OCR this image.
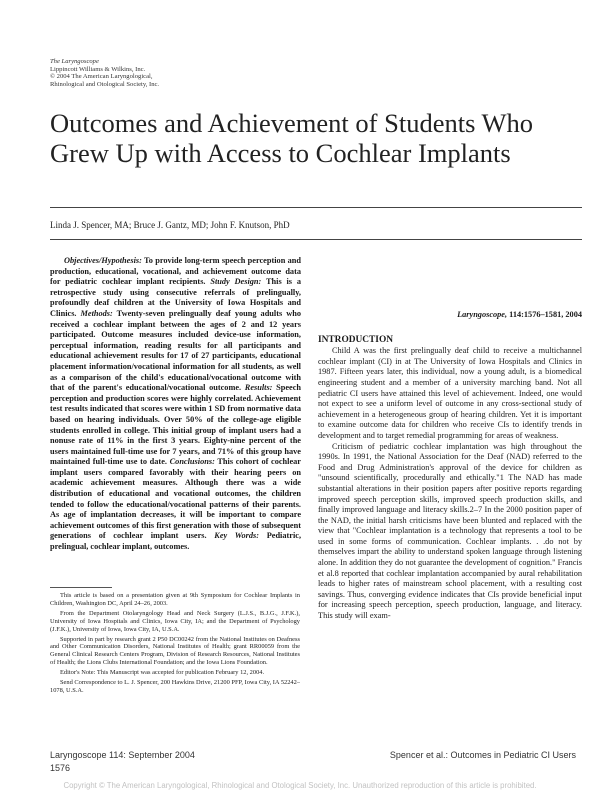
The Laryngoscope
Lippincott Williams & Wilkins, Inc.
© 2004 The American Laryngological,
Rhinological and Otological Society, Inc.
Outcomes and Achievement of Students Who Grew Up with Access to Cochlear Implants
Linda J. Spencer, MA; Bruce J. Gantz, MD; John F. Knutson, PhD

Objectives/Hypothesis: To provide long-term speech perception and production, educational, vocational, and achievement outcome data for pediatric cochlear implant recipients. Study Design: This is a retrospective study using consecutive referrals of prelingually, profoundly deaf children at the University of Iowa Hospitals and Clinics. Methods: Twenty-seven prelingually deaf young adults who received a cochlear implant between the ages of 2 and 12 years participated. Outcome measures included device-use information, perceptual information, reading results for all participants and educational achievement results for 17 of 27 participants, educational placement information/vocational information for all students, as well as a comparison of the child's educational/vocational outcome with that of the parent's educational/vocational outcome. Results: Speech perception and production scores were highly correlated. Achievement test results indicated that scores were within 1 SD from normative data based on hearing individuals. Over 50% of the college-age eligible students enrolled in college. This initial group of implant users had a nonuse rate of 11% in the first 3 years. Eighty-nine percent of the users maintained full-time use for 7 years, and 71% of this group have maintained full-time use to date. Conclusions: This cohort of cochlear implant users compared favorably with their hearing peers on academic achievement measures. Although there was a wide distribution of educational and vocational outcomes, the children tended to follow the educational/vocational patterns of their parents. As age of implantation decreases, it will be important to compare achievement outcomes of this first generation with those of subsequent generations of cochlear implant users. Key Words: Pediatric, prelingual, cochlear implant, outcomes.

Laryngoscope, 114:1576–1581, 2004
INTRODUCTION

Child A was the first prelingually deaf child to receive a multichannel cochlear implant (CI) in at The University of Iowa Hospitals and Clinics in 1987. Fifteen years later, this individual, now a young adult, is a biomedical engineering student and a member of a university marching band. Not all pediatric CI users have attained this level of achievement. Indeed, one would not expect to see a uniform level of outcome in any cross-sectional study of achievement in a heterogeneous group of hearing children. Yet it is important to examine outcome data for children who receive CIs to identify trends in development and to target remedial programming for areas of weakness.

Criticism of pediatric cochlear implantation was high throughout the 1990s. In 1991, the National Association for the Deaf (NAD) referred to the Food and Drug Administration's approval of the device for children as "unsound scientifically, procedurally and ethically."1 The NAD has made substantial alterations in their position papers after positive reports regarding improved speech perception skills, improved speech production skills, and finally improved language and literacy skills.2–7 In the 2000 position paper of the NAD, the initial harsh criticisms have been blunted and replaced with the view that "Cochlear implantation is a technology that represents a tool to be used in some forms of communication. Cochlear implants. . .do not by themselves impart the ability to understand spoken language through listening alone. In addition they do not guarantee the development of cognition." Francis et al.8 reported that cochlear implantation accompanied by aural rehabilitation leads to higher rates of mainstream school placement, with a resulting cost savings. Thus, converging evidence indicates that CIs provide beneficial input for increasing speech perception, speech production, language, and literacy. This study will exam-

This article is based on a presentation given at 9th Symposium for Cochlear Implants in Children, Washington DC, April 24–26, 2003.

From the Department Otolaryngology Head and Neck Surgery (L.J.S., B.J.G., J.F.K.), University of Iowa Hospitals and Clinics, Iowa City, IA; and the Department of Psychology (J.F.K.), University of Iowa, Iowa City, IA, U.S.A.

Supported in part by research grant 2 P50 DC00242 from the National Institutes on Deafness and Other Communication Disorders, National Institutes of Health; grant RR00059 from the General Clinical Research Centers Program, Division of Research Resources, National Institutes of Health; the Lions Clubs International Foundation; and the Iowa Lions Foundation.

Editor's Note: This Manuscript was accepted for publication February 12, 2004.

Send Correspondence to L. J. Spencer, 200 Hawkins Drive, 21200 PFP, Iowa City, IA 52242–1078, U.S.A.

Laryngoscope 114: September 2004	Spencer et al.: Outcomes in Pediatric CI Users
1576
Copyright © The American Laryngological, Rhinological and Otological Society, Inc. Unauthorized reproduction of this article is prohibited.
